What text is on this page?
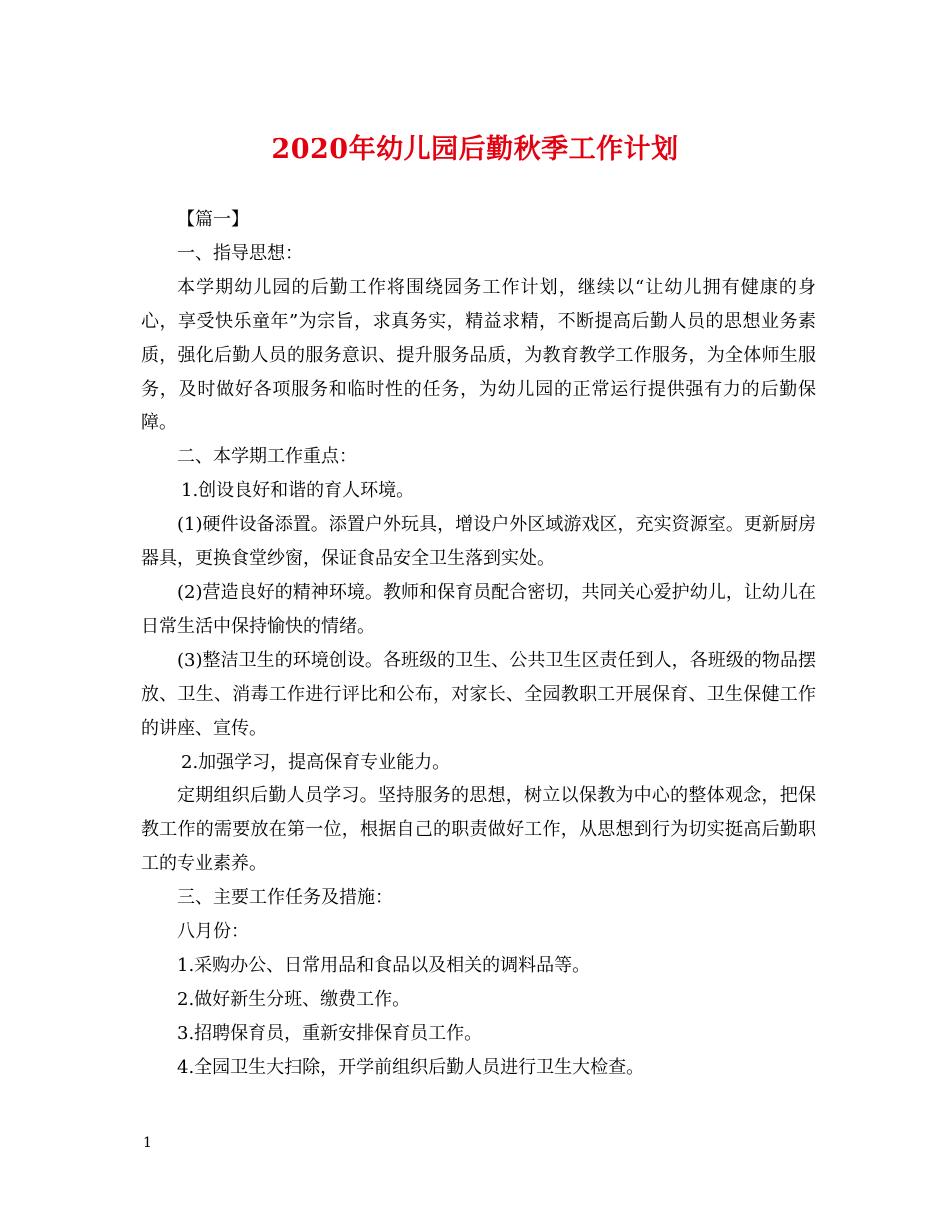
2020年幼儿园后勤秋季工作计划

【篇一】

一、指导思想：

本学期幼儿园的后勤工作将围绕园务工作计划，继续以“让幼儿拥有健康的身心，享受快乐童年”为宗旨，求真务实，精益求精，不断提高后勤人员的思想业务素质，强化后勤人员的服务意识、提升服务品质，为教育教学工作服务，为全体师生服务，及时做好各项服务和临时性的任务，为幼儿园的正常运行提供强有力的后勤保障。

二、本学期工作重点：

1.创设良好和谐的育人环境。

(1)硬件设备添置。添置户外玩具，增设户外区域游戏区，充实资源室。更新厨房器具，更换食堂纱窗，保证食品安全卫生落到实处。

(2)营造良好的精神环境。教师和保育员配合密切，共同关心爱护幼儿，让幼儿在日常生活中保持愉快的情绪。

(3)整洁卫生的环境创设。各班级的卫生、公共卫生区责任到人，各班级的物品摆放、卫生、消毒工作进行评比和公布，对家长、全园教职工开展保育、卫生保健工作的讲座、宣传。

2.加强学习，提高保育专业能力。

定期组织后勤人员学习。坚持服务的思想，树立以保教为中心的整体观念，把保教工作的需要放在第一位，根据自己的职责做好工作，从思想到行为切实挺高后勤职工的专业素养。

三、主要工作任务及措施：

八月份：

1.采购办公、日常用品和食品以及相关的调料品等。

2.做好新生分班、缴费工作。

3.招聘保育员，重新安排保育员工作。

4.全园卫生大扫除，开学前组织后勤人员进行卫生大检查。

1
